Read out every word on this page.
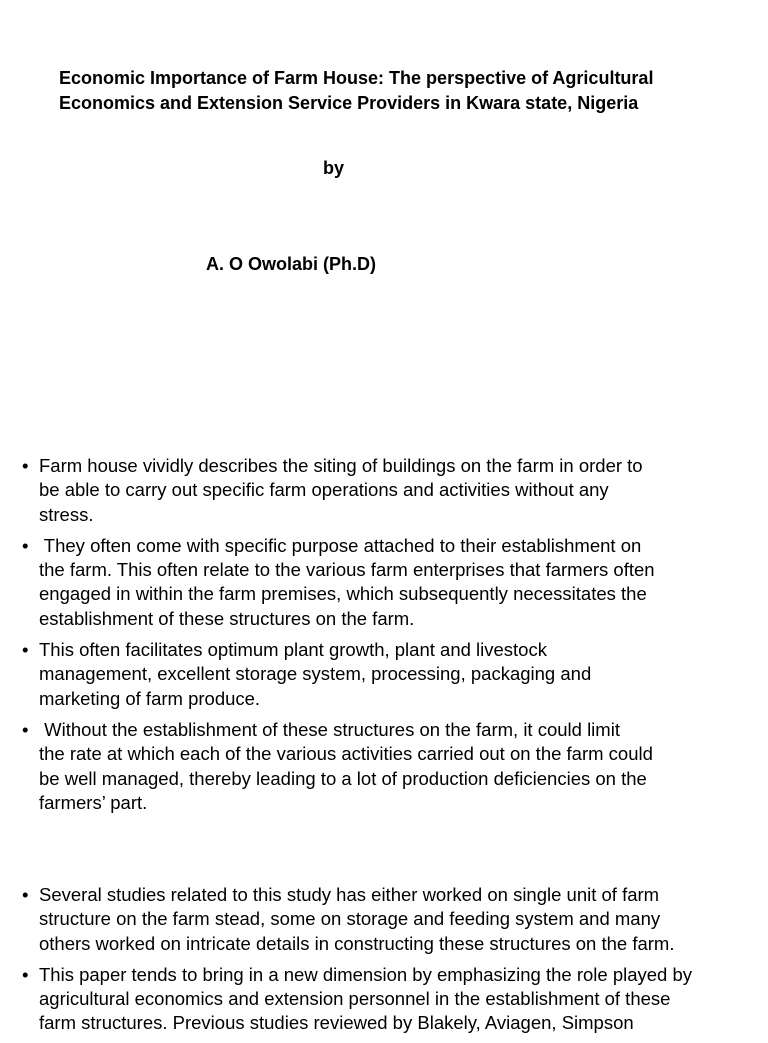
Economic Importance of Farm House: The perspective of Agricultural
Economics and Extension Service Providers in Kwara state, Nigeria
by
A. O Owolabi (Ph.D)
• Farm house vividly describes the siting of buildings on the farm in order to
be able to carry out specific farm operations and activities without any
stress.
• They often come with specific purpose attached to their establishment on
the farm. This often relate to the various farm enterprises that farmers often
engaged in within the farm premises, which subsequently necessitates the
establishment of these structures on the farm.
• This often facilitates optimum plant growth, plant and livestock
management, excellent storage system, processing, packaging and
marketing of farm produce.
• Without the establishment of these structures on the farm, it could limit
the rate at which each of the various activities carried out on the farm could
be well managed, thereby leading to a lot of production deficiencies on the
farmers’ part.
• Several studies related to this study has either worked on single unit of farm
structure on the farm stead, some on storage and feeding system and many
others worked on intricate details in constructing these structures on the farm.
• This paper tends to bring in a new dimension by emphasizing the role played by
agricultural economics and extension personnel in the establishment of these
farm structures. Previous studies reviewed by Blakely, Aviagen, Simpson
